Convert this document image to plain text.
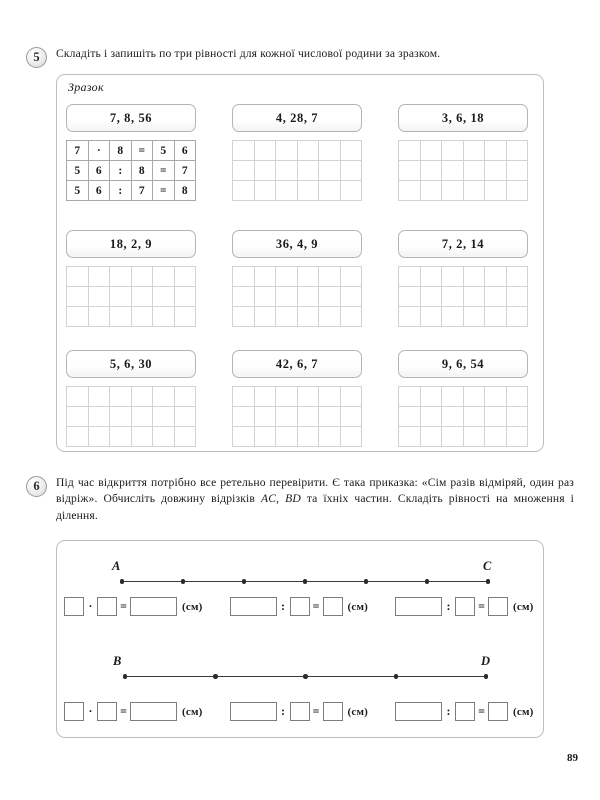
5	Складіть і запишіть по три рівності для кожної числової родини за зразком.
Зразок
7, 8, 56
7	·	8	=	5	6
5	6	:	8	=	7
5	6	:	7	=	8
4, 28, 7

						3, 6, 18

18, 2, 9

						36, 4, 9

						7, 2, 14

5, 6, 30

						42, 6, 7

						9, 6, 54

6	Під час відкриття потрібно все ретельно перевірити. Є така приказка: «Сім разів відміряй, один раз відріж». Обчисліть довжину відрізків AC, BD та їхніх частин. Складіть рівності на множення і ділення.
A	C
·	=	(см)	:	=	(см)	:	=	(см)
B	D
·	=	(см)	:	=	(см)	:	=	(см)
89
